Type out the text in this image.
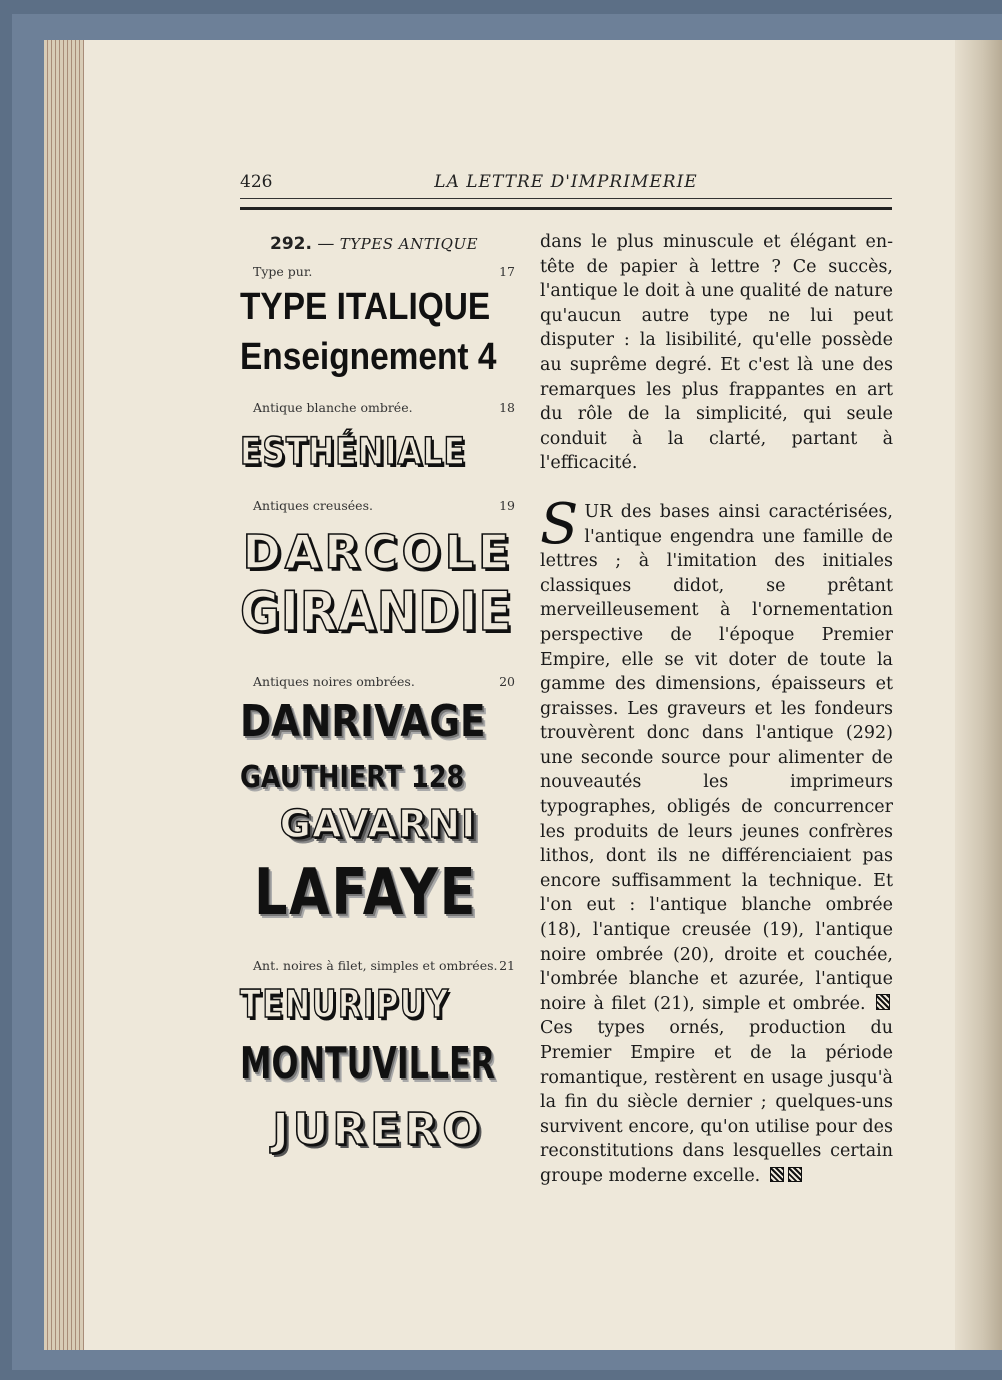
426	LA LETTRE D'IMPRIMERIE
292. — TYPES ANTIQUE
Type pur.	17
TYPE ITALIQUE
Enseignement 4
Antique blanche ombrée.	18
ESTHÉNIALE
Antiques creusées.	19
DARCOLE
GIRANDIE
Antiques noires ombrées.	20
DANRIVAGE
GAUTHIERT 128
GAVARNI
LAFAYE
Ant. noires à filet, simples et ombrées. 21
TENURIPUY
MONTUVILLER
JURERO

dans le plus minuscule et élégant en-tête de papier à lettre ? Ce succès, l'antique le doit à une qualité de nature qu'aucun autre type ne lui peut disputer : la lisibilité, qu'elle possède au suprême degré. Et c'est là une des remarques les plus frappantes en art du rôle de la simplicité, qui seule conduit à la clarté, partant à l'efficacité.

S UR des bases ainsi caractérisées, l'antique engendra une famille de lettres ; à l'imitation des initiales classiques didot, se prêtant merveilleusement à l'ornementation perspective de l'époque Premier Empire, elle se vit doter de toute la gamme des dimensions, épaisseurs et graisses. Les graveurs et les fondeurs trouvèrent donc dans l'antique (292) une seconde source pour alimenter de nouveautés les imprimeurs typographes, obligés de concurrencer les produits de leurs jeunes confrères lithos, dont ils ne différenciaient pas encore suffisamment la technique. Et l'on eut : l'antique blanche ombrée (18), l'antique creusée (19), l'antique noire ombrée (20), droite et couchée, l'ombrée blanche et azurée, l'antique noire à filet (21), simple et ombrée.  Ces types ornés, production du Premier Empire et de la période romantique, restèrent en usage jusqu'à la fin du siècle dernier ; quelques-uns survivent encore, qu'on utilise pour des reconstitutions dans lesquelles certain groupe moderne excelle.
